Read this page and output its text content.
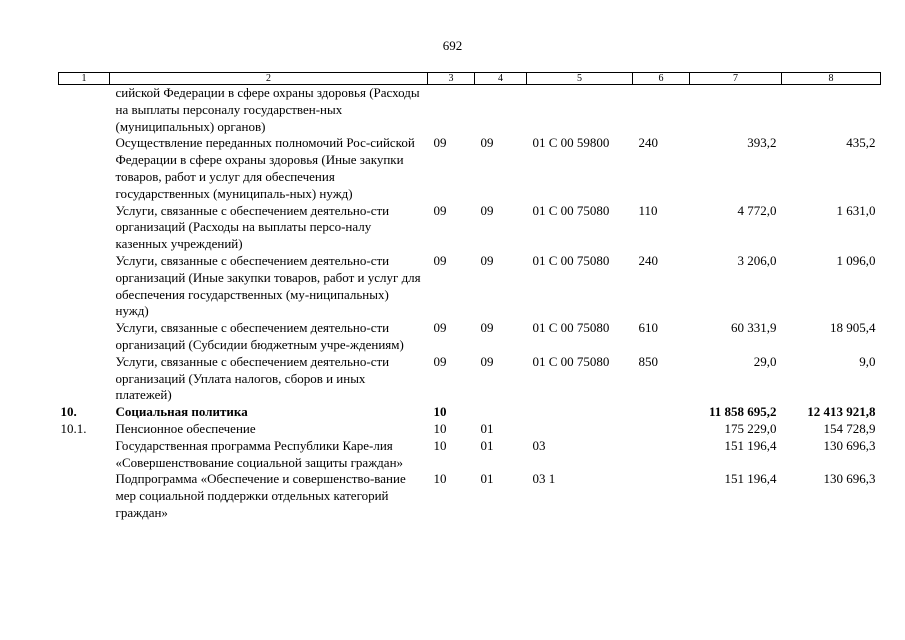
692
1	2	3	4	5	6	7	8
	сийской Федерации в сфере охраны здоровья (Расходы на выплаты персоналу государствен-ных (муниципальных) органов)						
	Осуществление переданных полномочий Рос-сийской Федерации в сфере охраны здоровья (Иные закупки товаров, работ и услуг для обеспечения государственных (муниципаль-ных) нужд)	09	09	01 С 00 59800	240	393,2	435,2
	Услуги, связанные с обеспечением деятельно-сти организаций (Расходы на выплаты персо-налу казенных учреждений)	09	09	01 С 00 75080	110	4 772,0	1 631,0
	Услуги, связанные с обеспечением деятельно-сти организаций (Иные закупки товаров, работ и услуг для обеспечения государственных (му-ниципальных) нужд)	09	09	01 С 00 75080	240	3 206,0	1 096,0
	Услуги, связанные с обеспечением деятельно-сти организаций (Субсидии бюджетным учре-ждениям)	09	09	01 С 00 75080	610	60 331,9	18 905,4
	Услуги, связанные с обеспечением деятельно-сти организаций (Уплата налогов, сборов и иных платежей)	09	09	01 С 00 75080	850	29,0	9,0
10.	Социальная политика	10				11 858 695,2	12 413 921,8
10.1.	Пенсионное обеспечение	10	01			175 229,0	154 728,9
	Государственная программа Республики Каре-лия «Совершенствование социальной защиты граждан»	10	01	03		151 196,4	130 696,3
	Подпрограмма «Обеспечение и совершенство-вание мер социальной поддержки отдельных категорий граждан»	10	01	03 1		151 196,4	130 696,3
